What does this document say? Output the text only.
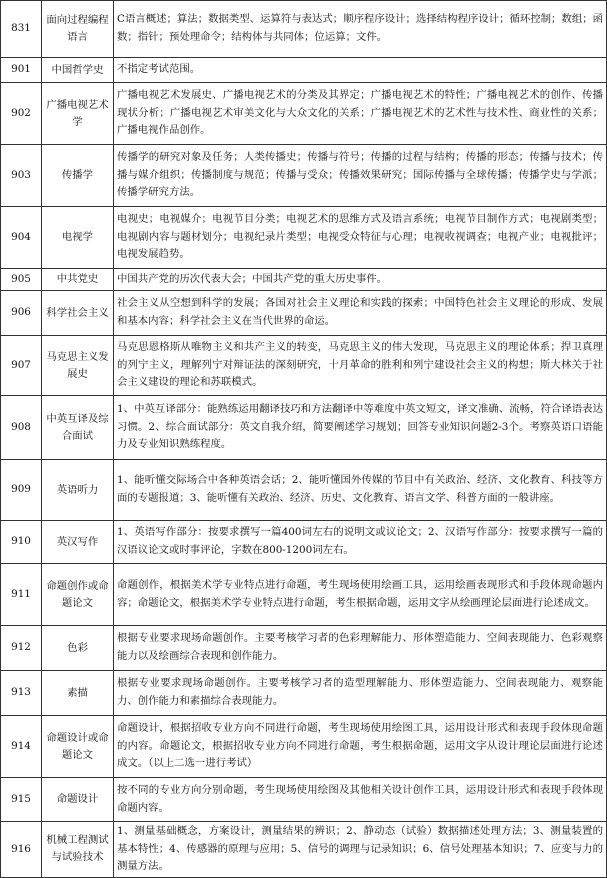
831	面向过程编程语言	C语言概述；算法；数据类型、运算符与表达式；顺序程序设计；选择结构程序设计；循环控制；数组；函数；指针；预处理命令；结构体与共同体；位运算；文件。
901	中国哲学史	不指定考试范围。
902	广播电视艺术学	广播电视艺术发展史、广播电视艺术的分类及其界定；广播电视艺术的特性；广播电视艺术的创作、传播现状分析；广播电视艺术审美文化与大众文化的关系；广播电视艺术的艺术性与技术性、商业性的关系；广播电视作品创作。
903	传播学	传播学的研究对象及任务；人类传播史；传播与符号；传播的过程与结构；传播的形态；传播与技术；传播与媒介组织；传播制度与规范；传播与受众；传播效果研究；国际传播与全球传播；传播学史与学派；传播学研究方法。
904	电视学	电视史；电视媒介；电视节目分类；电视艺术的思维方式及语言系统；电视节目制作方式；电视剧类型；电视剧内容与题材划分；电视纪录片类型；电视受众特征与心理；电视收视调查；电视产业；电视批评；电视发展趋势。
905	中共党史	中国共产党的历次代表大会；中国共产党的重大历史事件。
906	科学社会主义	社会主义从空想到科学的发展；各国对社会主义理论和实践的探索；中国特色社会主义理论的形成、发展和基本内容；科学社会主义在当代世界的命运。
907	马克思主义发展史	马克思恩格斯从唯物主义和共产主义的转变，马克思主义的伟大发现，马克思主义的理论体系；捍卫真理的列宁主义，理解列宁对辩证法的深刻研究，十月革命的胜利和列宁建设社会主义的构想；斯大林关于社会主义建设的理论和苏联模式。
908	中英互译及综合面试	1、中英互译部分：能熟练运用翻译技巧和方法翻译中等难度中英文短文，译文准确、流畅，符合译语表达习惯。2、综合面试部分：英文自我介绍，简要阐述学习规划；回答专业知识问题2-3个。考察英语口语能力及专业知识熟练程度。
909	英语听力	1、能听懂交际场合中各种英语会话；2、能听懂国外传媒的节目中有关政治、经济、文化教育、科技等方面的专题报道；3、能听懂有关政治、经济、历史、文化教育、语言文学、科普方面的一般讲座。
910	英汉写作	1、英语写作部分：按要求撰写一篇400词左右的说明文或议论文；2、汉语写作部分：按要求撰写一篇的汉语议论文或时事评论，字数在800-1200词左右。
911	命题创作或命题论文	命题创作，根据美术学专业特点进行命题，考生现场使用绘画工具，运用绘画表现形式和手段体现命题内容；命题论文，根据美术学专业特点进行命题，考生根据命题，运用文字从绘画理论层面进行论述成文。
912	色彩	根据专业要求现场命题创作。主要考核学习者的色彩理解能力、形体塑造能力、空间表现能力、色彩观察能力以及绘画综合表现和创作能力。
913	素描	根据专业要求现场命题创作。主要考核学习者的造型理解能力、形体塑造能力、空间表现能力、观察能力、创作能力和素描综合表现能力。
914	命题设计或命题论文	命题设计，根据招收专业方向不同进行命题，考生现场使用绘图工具，运用设计形式和表现手段体现命题的内容。命题论文，根据招收专业方向不同进行命题，考生根据命题，运用文字从设计理论层面进行论述成文。（以上二选一进行考试）
915	命题设计	按不同的专业方向分别命题，考生现场使用绘图及其他相关设计创作工具，运用设计形式和表现手段体现命题内容。
916	机械工程测试与试验技术	1、测量基础概念，方案设计，测量结果的辨识；2、静动态（试验）数据描述处理方法；3、测量装置的基本特性；4、传感器的原理与应用；5、信号的调理与记录知识；6、信号处理基本知识；7、应变与力的测量方法。
